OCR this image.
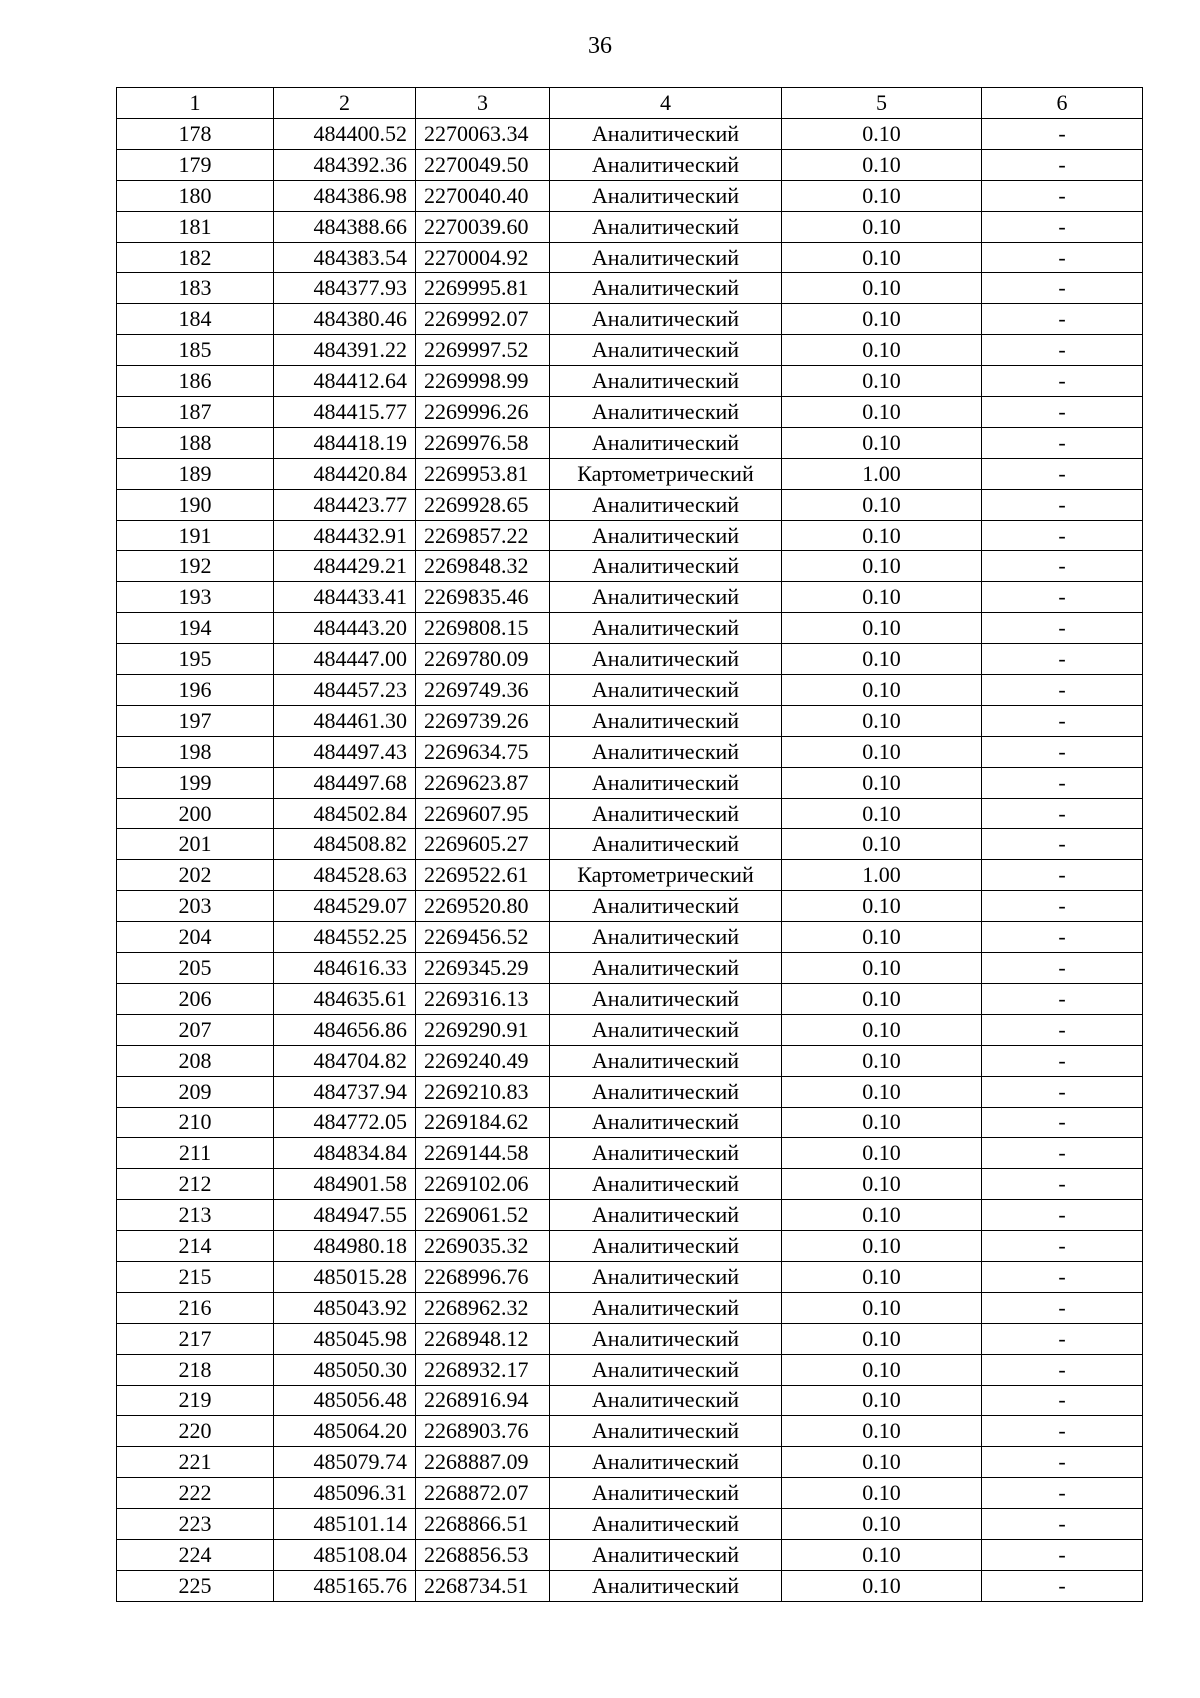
36
1	2	3	4	5	6
178	484400.52	2270063.34	Аналитический	0.10	-
179	484392.36	2270049.50	Аналитический	0.10	-
180	484386.98	2270040.40	Аналитический	0.10	-
181	484388.66	2270039.60	Аналитический	0.10	-
182	484383.54	2270004.92	Аналитический	0.10	-
183	484377.93	2269995.81	Аналитический	0.10	-
184	484380.46	2269992.07	Аналитический	0.10	-
185	484391.22	2269997.52	Аналитический	0.10	-
186	484412.64	2269998.99	Аналитический	0.10	-
187	484415.77	2269996.26	Аналитический	0.10	-
188	484418.19	2269976.58	Аналитический	0.10	-
189	484420.84	2269953.81	Картометрический	1.00	-
190	484423.77	2269928.65	Аналитический	0.10	-
191	484432.91	2269857.22	Аналитический	0.10	-
192	484429.21	2269848.32	Аналитический	0.10	-
193	484433.41	2269835.46	Аналитический	0.10	-
194	484443.20	2269808.15	Аналитический	0.10	-
195	484447.00	2269780.09	Аналитический	0.10	-
196	484457.23	2269749.36	Аналитический	0.10	-
197	484461.30	2269739.26	Аналитический	0.10	-
198	484497.43	2269634.75	Аналитический	0.10	-
199	484497.68	2269623.87	Аналитический	0.10	-
200	484502.84	2269607.95	Аналитический	0.10	-
201	484508.82	2269605.27	Аналитический	0.10	-
202	484528.63	2269522.61	Картометрический	1.00	-
203	484529.07	2269520.80	Аналитический	0.10	-
204	484552.25	2269456.52	Аналитический	0.10	-
205	484616.33	2269345.29	Аналитический	0.10	-
206	484635.61	2269316.13	Аналитический	0.10	-
207	484656.86	2269290.91	Аналитический	0.10	-
208	484704.82	2269240.49	Аналитический	0.10	-
209	484737.94	2269210.83	Аналитический	0.10	-
210	484772.05	2269184.62	Аналитический	0.10	-
211	484834.84	2269144.58	Аналитический	0.10	-
212	484901.58	2269102.06	Аналитический	0.10	-
213	484947.55	2269061.52	Аналитический	0.10	-
214	484980.18	2269035.32	Аналитический	0.10	-
215	485015.28	2268996.76	Аналитический	0.10	-
216	485043.92	2268962.32	Аналитический	0.10	-
217	485045.98	2268948.12	Аналитический	0.10	-
218	485050.30	2268932.17	Аналитический	0.10	-
219	485056.48	2268916.94	Аналитический	0.10	-
220	485064.20	2268903.76	Аналитический	0.10	-
221	485079.74	2268887.09	Аналитический	0.10	-
222	485096.31	2268872.07	Аналитический	0.10	-
223	485101.14	2268866.51	Аналитический	0.10	-
224	485108.04	2268856.53	Аналитический	0.10	-
225	485165.76	2268734.51	Аналитический	0.10	-
